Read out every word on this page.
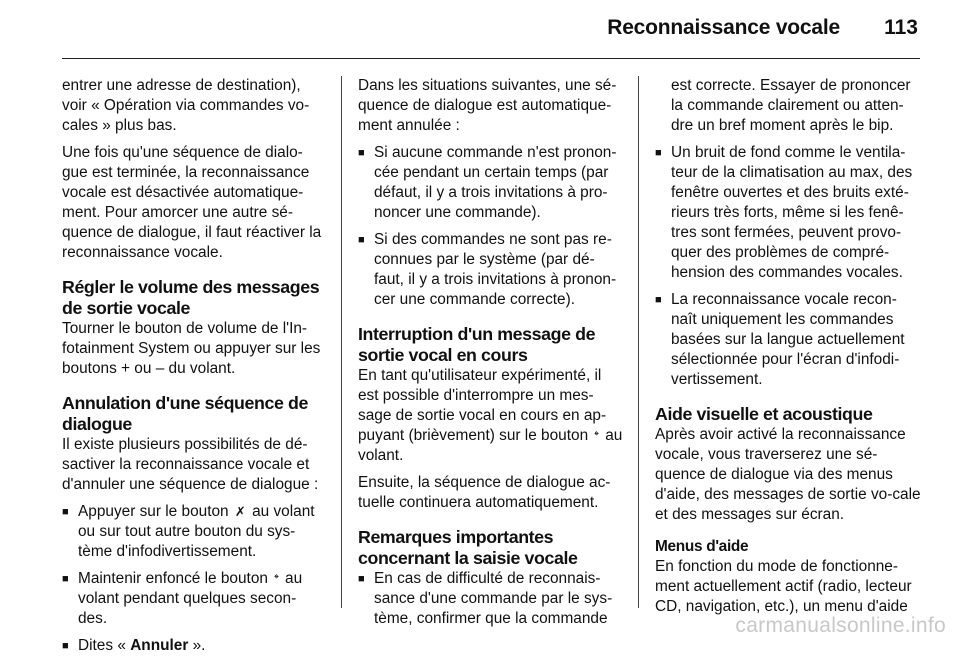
Reconnaissance vocale 113

entrer une adresse de destination), voir « Opération via commandes vo-cales » plus bas.

Une fois qu'une séquence de dialo-gue est terminée, la reconnaissance vocale est désactivée automatique-ment. Pour amorcer une autre sé-quence de dialogue, il faut réactiver la reconnaissance vocale.

Régler le volume des messages de sortie vocale

Tourner le bouton de volume de l'In-fotainment System ou appuyer sur les boutons + ou – du volant.

Annulation d'une séquence de dialogue

Il existe plusieurs possibilités de dé-sactiver la reconnaissance vocale et d'annuler une séquence de dialogue :

■ Appuyer sur le bouton ✗ au volant ou sur tout autre bouton du sys-tème d'infodivertissement.
■ Maintenir enfoncé le bouton 𝄌 au volant pendant quelques secon-des.
■ Dites « Annuler ».

Dans les situations suivantes, une sé-quence de dialogue est automatique-ment annulée :

■ Si aucune commande n'est pronon-cée pendant un certain temps (par défaut, il y a trois invitations à pro-noncer une commande).
■ Si des commandes ne sont pas re-connues par le système (par dé-faut, il y a trois invitations à pronon-cer une commande correcte).
Interruption d'un message de sortie vocal en cours

En tant qu'utilisateur expérimenté, il est possible d'interrompre un mes-sage de sortie vocal en cours en ap-puyant (brièvement) sur le bouton 𝄌 au volant.

Ensuite, la séquence de dialogue ac-tuelle continuera automatiquement.

Remarques importantes concernant la saisie vocale
■ En cas de difficulté de reconnais-sance d'une commande par le sys-tème, confirmer que la commande

est correcte. Essayer de prononcer la commande clairement ou atten-dre un bref moment après le bip.

■ Un bruit de fond comme le ventila-teur de la climatisation au max, des fenêtre ouvertes et des bruits exté-rieurs très forts, même si les fenê-tres sont fermées, peuvent provo-quer des problèmes de compré-hension des commandes vocales.
■ La reconnaissance vocale recon-naît uniquement les commandes basées sur la langue actuellement sélectionnée pour l'écran d'infodi-vertissement.
Aide visuelle et acoustique

Après avoir activé la reconnaissance vocale, vous traverserez une sé-quence de dialogue via des menus d'aide, des messages de sortie vo-cale et des messages sur écran.

Menus d'aide

En fonction du mode de fonctionne-ment actuellement actif (radio, lecteur CD, navigation, etc.), un menu d'aide

carmanualsonline.info
